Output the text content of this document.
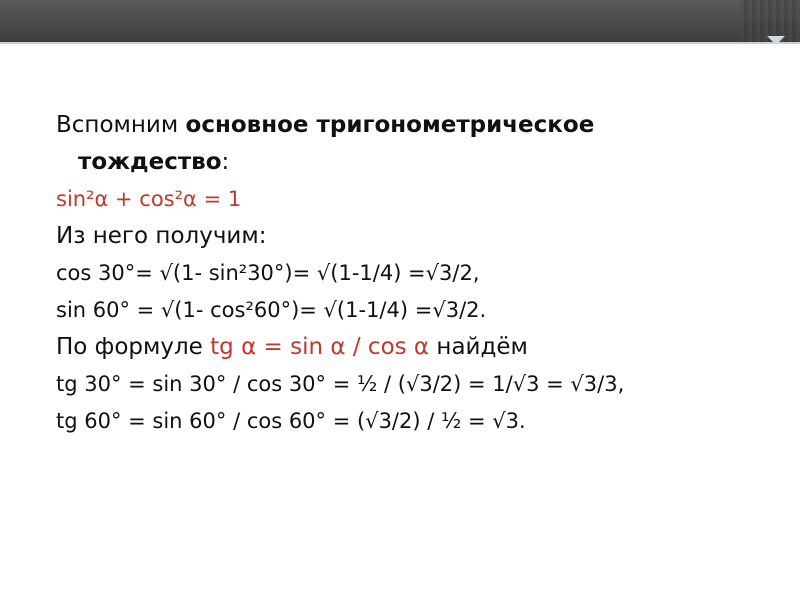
Вспомним основное тригонометрическое
тождество:
sin²α + cos²α = 1
Из него получим:
cos 30°= √(1- sin²30°)= √(1-1/4) =√3/2,
sin 60° = √(1- cos²60°)= √(1-1/4) =√3/2.
По формуле tg α = sin α / cos α найдём
tg 30° = sin 30° / cos 30° = ½ / (√3/2) = 1/√3 = √3/3,
tg 60° = sin 60° / cos 60° = (√3/2) / ½ = √3.
